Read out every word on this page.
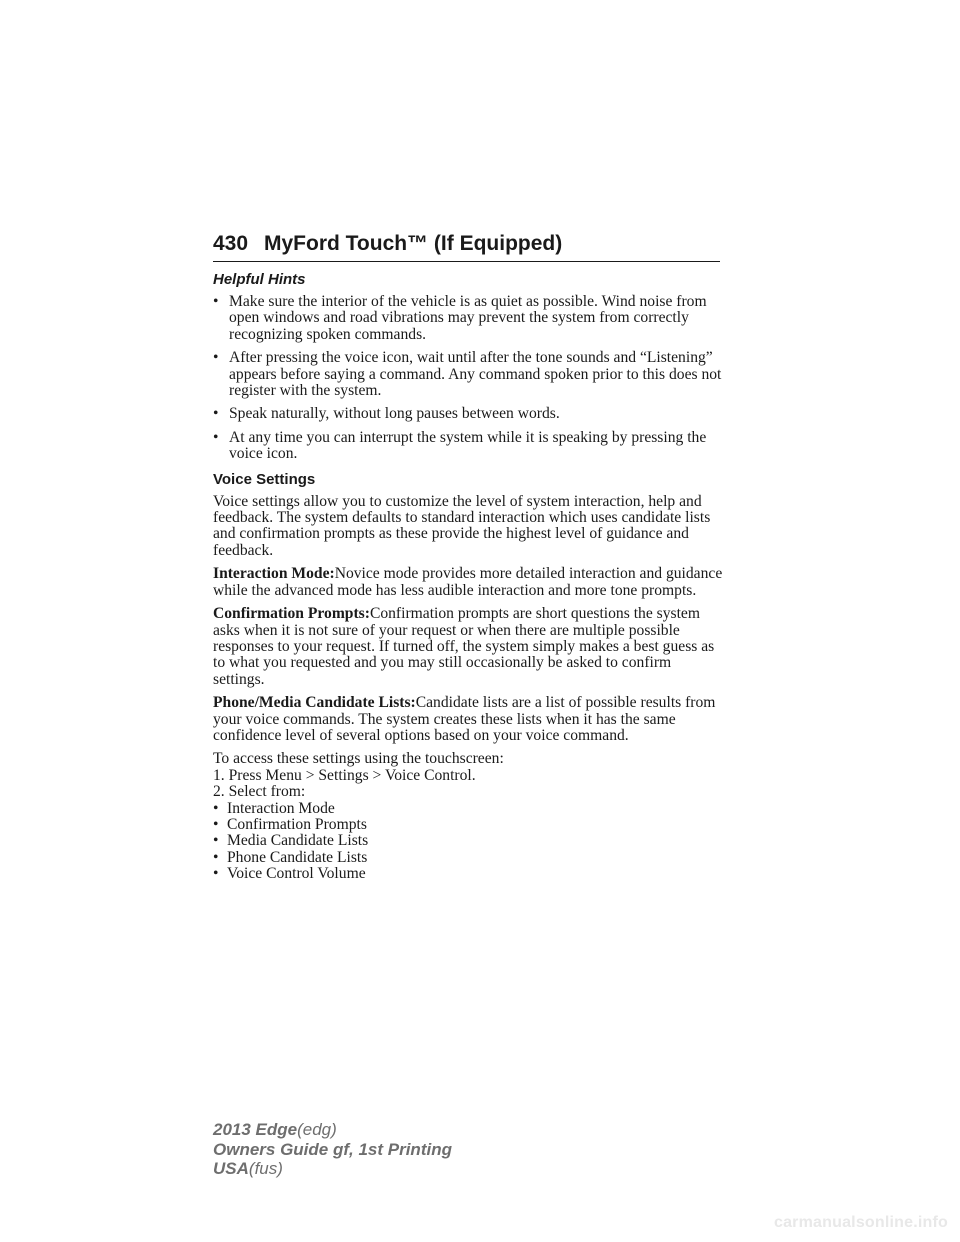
430 MyFord Touch™ (If Equipped)
Helpful Hints
• Make sure the interior of the vehicle is as quiet as possible. Wind noise from open windows and road vibrations may prevent the system from correctly recognizing spoken commands.
• After pressing the voice icon, wait until after the tone sounds and “Listening” appears before saying a command. Any command spoken prior to this does not register with the system.
• Speak naturally, without long pauses between words.
• At any time you can interrupt the system while it is speaking by pressing the voice icon.
Voice Settings

Voice settings allow you to customize the level of system interaction, help and feedback. The system defaults to standard interaction which uses candidate lists and confirmation prompts as these provide the highest level of guidance and feedback.

Interaction Mode:Novice mode provides more detailed interaction and guidance while the advanced mode has less audible interaction and more tone prompts.

Confirmation Prompts:Confirmation prompts are short questions the system asks when it is not sure of your request or when there are multiple possible responses to your request. If turned off, the system simply makes a best guess as to what you requested and you may still occasionally be asked to confirm settings.

Phone/Media Candidate Lists:Candidate lists are a list of possible results from your voice commands. The system creates these lists when it has the same confidence level of several options based on your voice command.

To access these settings using the touchscreen:
1. Press Menu > Settings > Voice Control.
2. Select from:
• Interaction Mode
• Confirmation Prompts
• Media Candidate Lists
• Phone Candidate Lists
• Voice Control Volume
2013 Edge(edg)
Owners Guide gf, 1st Printing
USA(fus)
carmanualsonline.info
